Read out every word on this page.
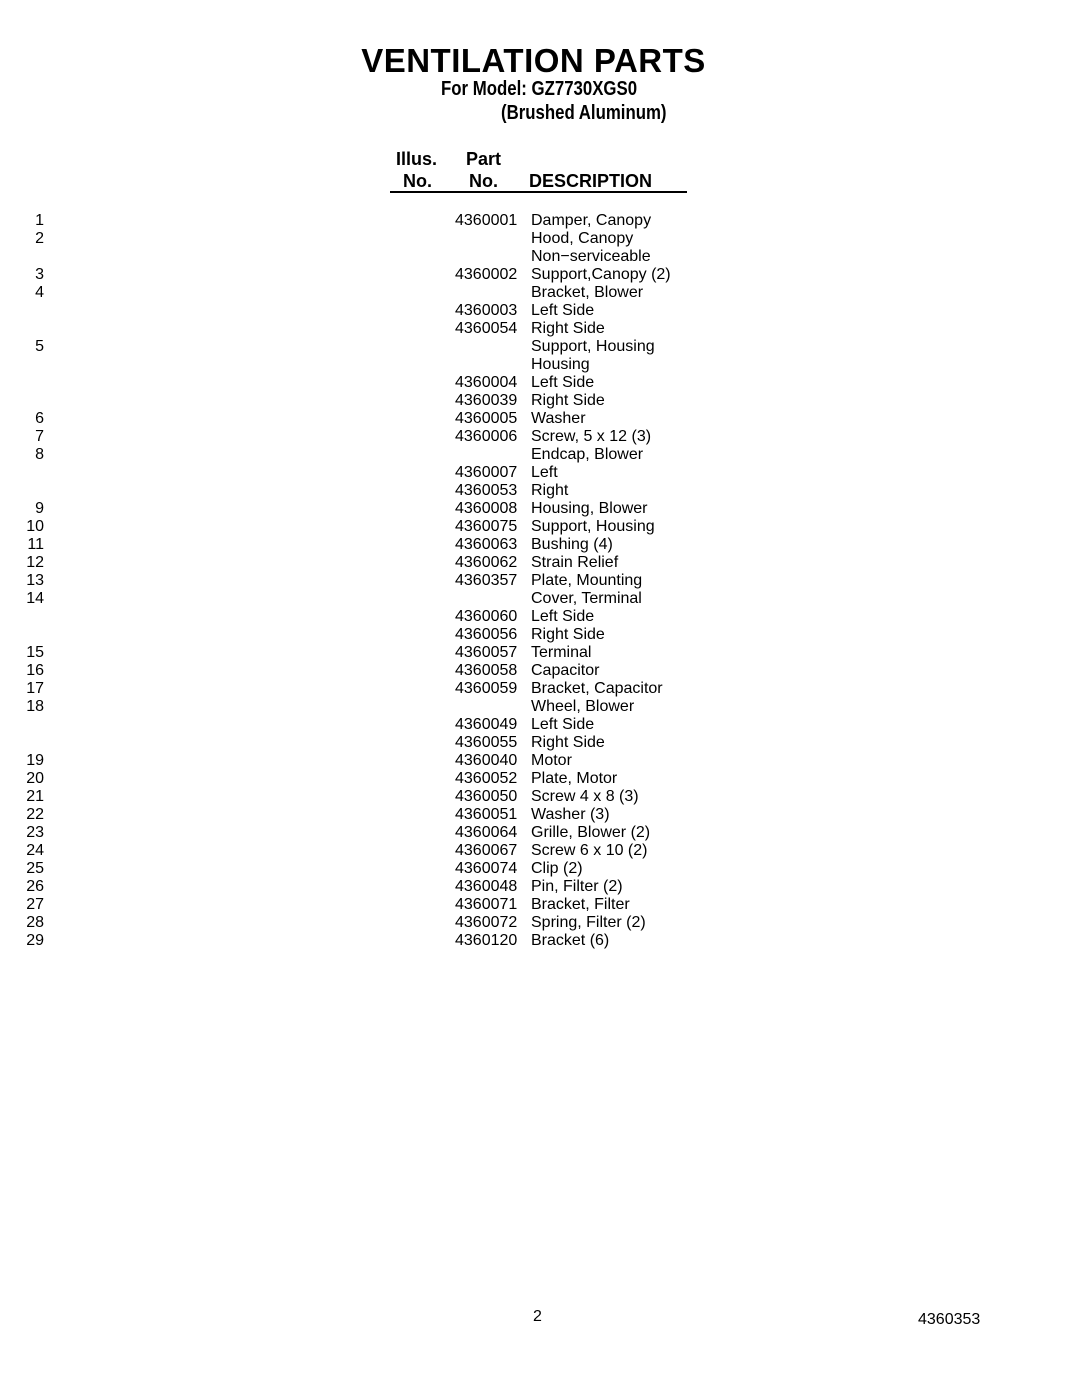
VENTILATION PARTS
For Model: GZ7730XGS0
(Brushed Aluminum)
Illus.
No.
Part
No. DESCRIPTION
1	4360001 Damper, Canopy
2	Hood, Canopy
Non−serviceable
3	4360002 Support,Canopy (2)
4	Bracket, Blower
4360003 Left Side
4360054 Right Side
5	Support, Housing
Housing
4360004 Left Side
4360039 Right Side
6	4360005 Washer
7	4360006 Screw, 5 x 12 (3)
8	Endcap, Blower
4360007 Left
4360053 Right
9	4360008 Housing, Blower
10	4360075 Support, Housing
11	4360063 Bushing (4)
12	4360062 Strain Relief
13	4360357 Plate, Mounting
14	Cover, Terminal
4360060 Left Side
4360056 Right Side
15	4360057 Terminal
16	4360058 Capacitor
17	4360059 Bracket, Capacitor
18	Wheel, Blower
4360049 Left Side
4360055 Right Side
19	4360040 Motor
20	4360052 Plate, Motor
21	4360050 Screw 4 x 8 (3)
22	4360051 Washer (3)
23	4360064 Grille, Blower (2)
24	4360067 Screw 6 x 10 (2)
25	4360074 Clip (2)
26	4360048 Pin, Filter (2)
27	4360071 Bracket, Filter
28	4360072 Spring, Filter (2)
29	4360120 Bracket (6)
2	4360353
